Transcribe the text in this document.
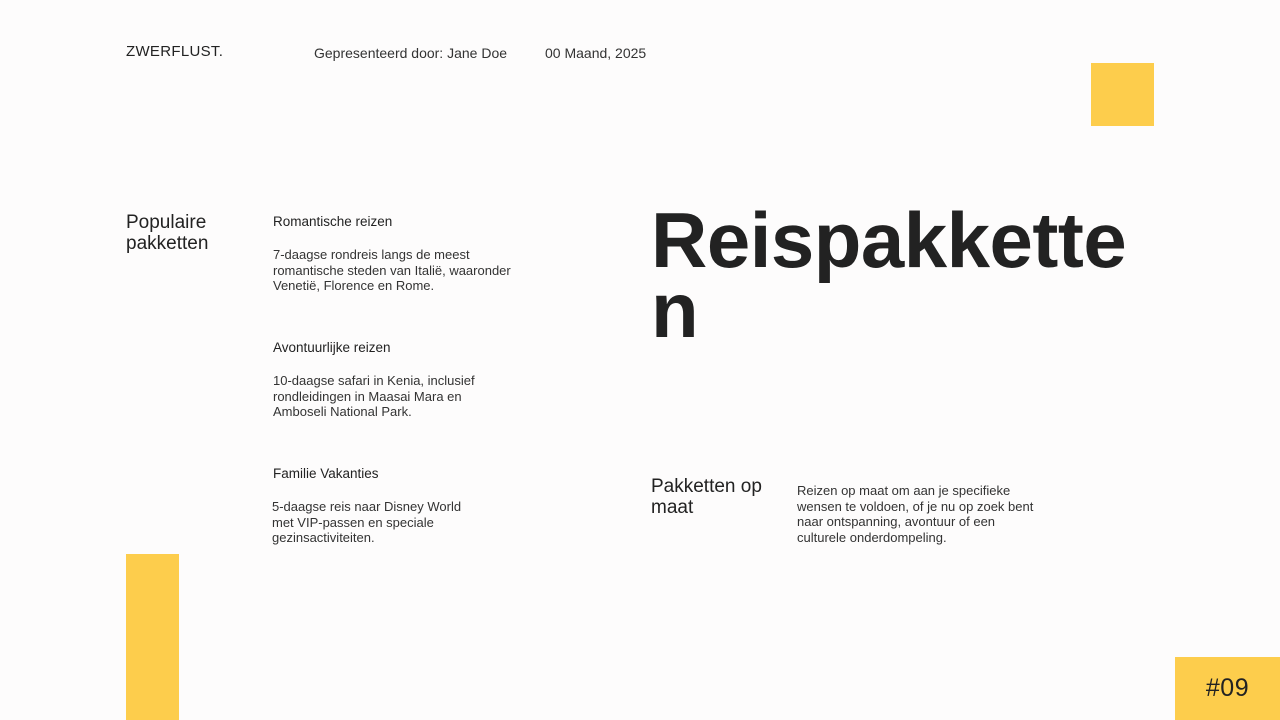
ZWERFLUST.	Gepresenteerd door: Jane Doe	00 Maand, 2025
Populaire pakketten
Romantische reizen
7-daagse rondreis langs de meest romantische steden van Italië, waaronder Venetië, Florence en Rome.
Avontuurlijke reizen
10-daagse safari in Kenia, inclusief rondleidingen in Maasai Mara en Amboseli National Park.
Familie Vakanties
5-daagse reis naar Disney World met VIP-passen en speciale gezinsactiviteiten.
Reispakketten
Pakketten op maat
Reizen op maat om aan je specifieke wensen te voldoen, of je nu op zoek bent naar ontspanning, avontuur of een culturele onderdompeling.
#09
